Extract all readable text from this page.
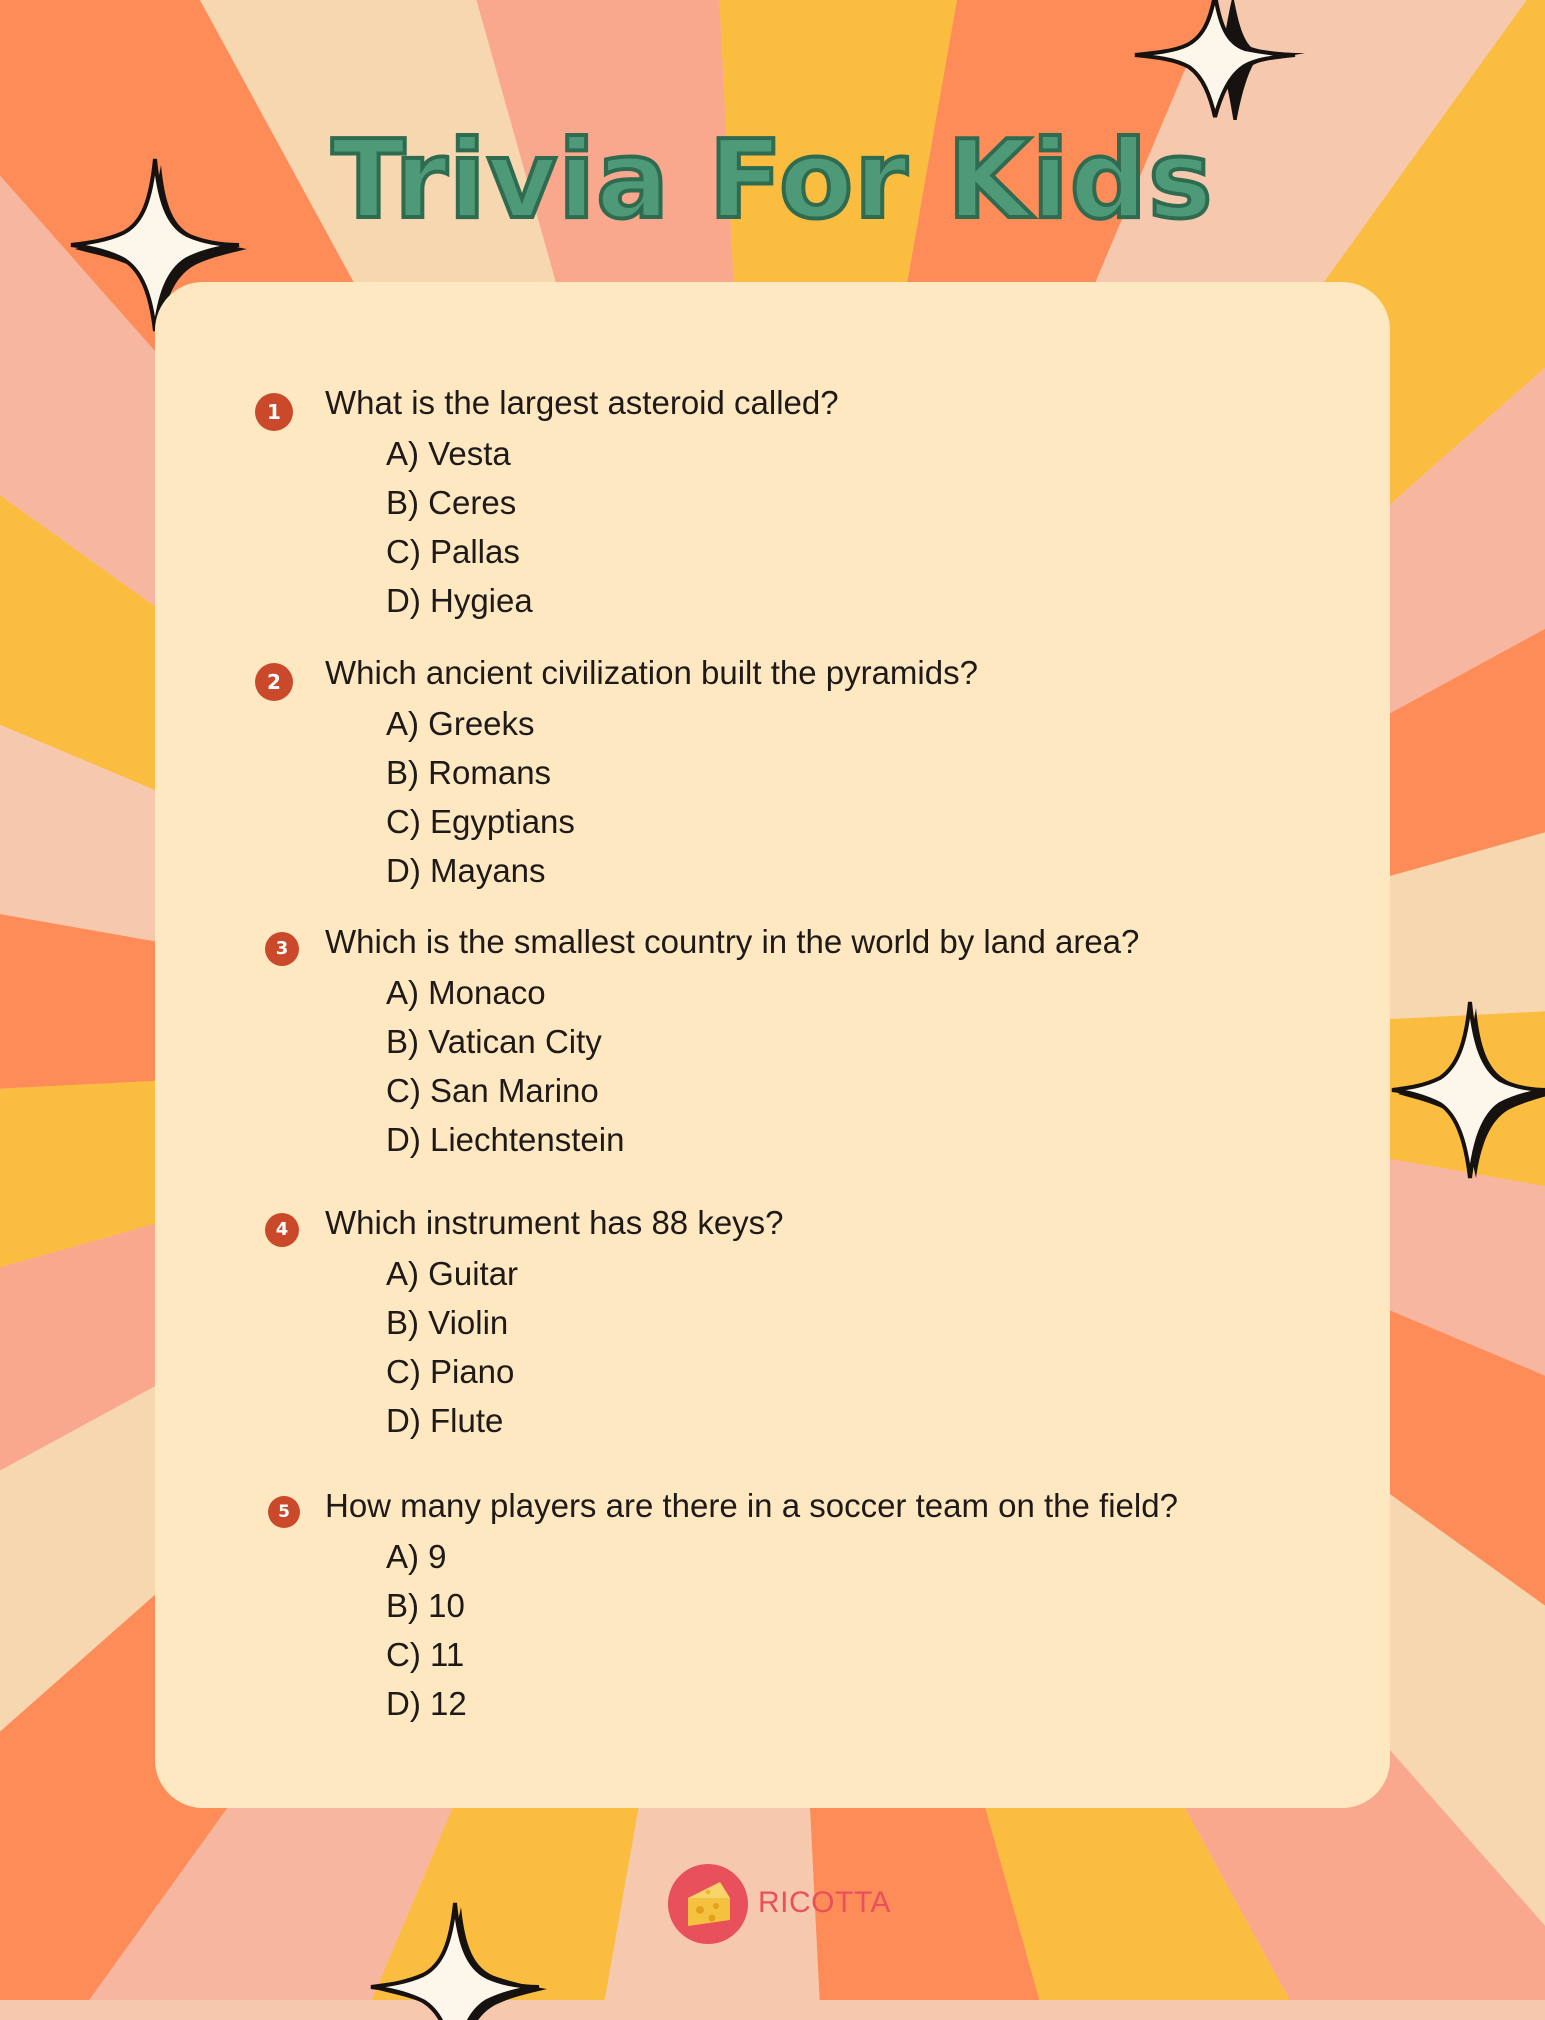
Trivia For Kids
1	What is the largest asteroid called?

A) Vesta
B) Ceres
C) Pallas
D) Hygiea
2	Which ancient civilization built the pyramids?

A) Greeks
B) Romans
C) Egyptians
D) Mayans
3	Which is the smallest country in the world by land area?

A) Monaco
B) Vatican City
C) San Marino
D) Liechtenstein
4	Which instrument has 88 keys?

A) Guitar
B) Violin
C) Piano
D) Flute
5	How many players are there in a soccer team on the field?

A) 9
B) 10
C) 11
D) 12
RICOTTA
